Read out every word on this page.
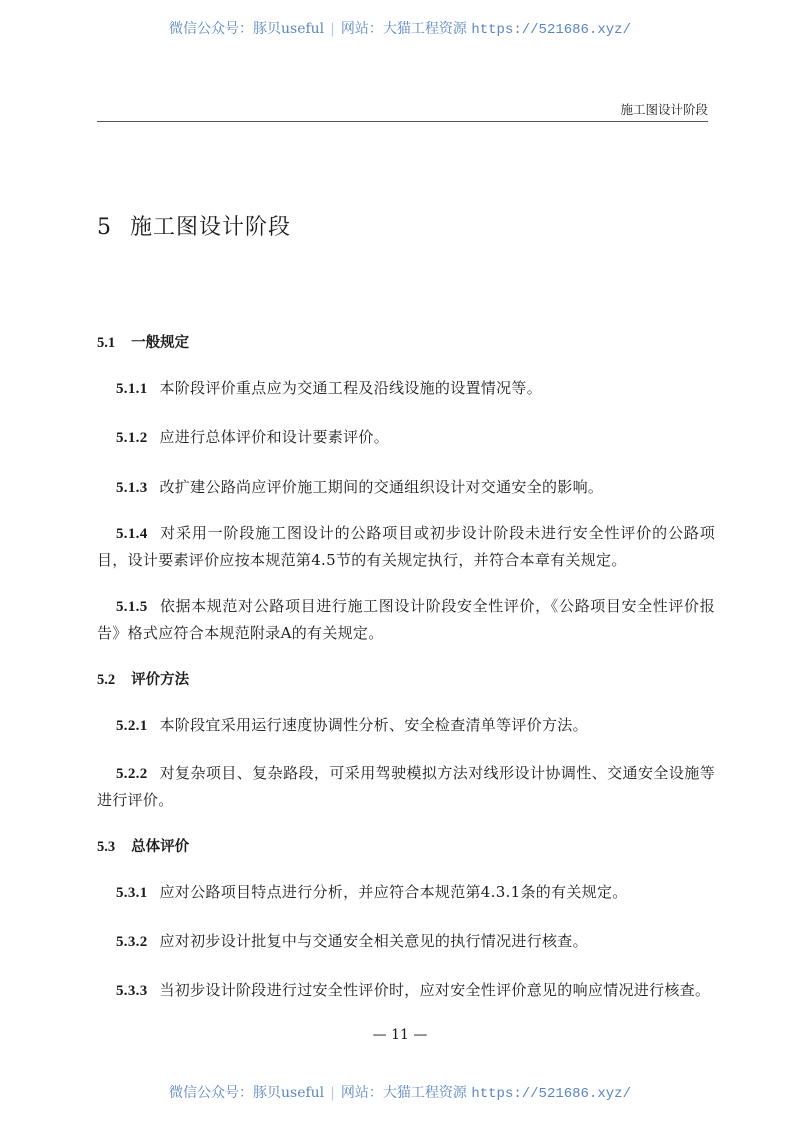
微信公众号：豚贝useful | 网站：大猫工程资源 https://521686.xyz/
施工图设计阶段
5 施工图设计阶段
5.1 一般规定
5.1.1 本阶段评价重点应为交通工程及沿线设施的设置情况等。
5.1.2 应进行总体评价和设计要素评价。
5.1.3 改扩建公路尚应评价施工期间的交通组织设计对交通安全的影响。
5.1.4 对采用一阶段施工图设计的公路项目或初步设计阶段未进行安全性评价的公路项目，设计要素评价应按本规范第4.5节的有关规定执行，并符合本章有关规定。
5.1.5 依据本规范对公路项目进行施工图设计阶段安全性评价，《公路项目安全性评价报告》格式应符合本规范附录A的有关规定。
5.2 评价方法
5.2.1 本阶段宜采用运行速度协调性分析、安全检查清单等评价方法。
5.2.2 对复杂项目、复杂路段，可采用驾驶模拟方法对线形设计协调性、交通安全设施等进行评价。
5.3 总体评价
5.3.1 应对公路项目特点进行分析，并应符合本规范第4.3.1条的有关规定。
5.3.2 应对初步设计批复中与交通安全相关意见的执行情况进行核查。
5.3.3 当初步设计阶段进行过安全性评价时，应对安全性评价意见的响应情况进行核查。
— 11 —
微信公众号：豚贝useful | 网站：大猫工程资源 https://521686.xyz/
